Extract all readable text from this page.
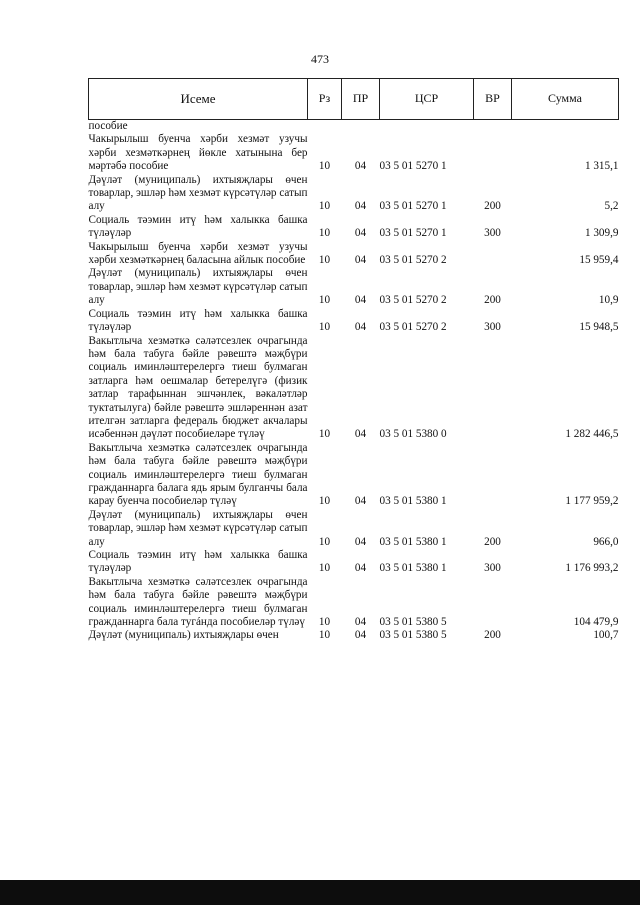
473
Исеме	Рз	ПР	ЦСР	ВР	Сумма
пособие					
Чакырылыш буенча хәрби хезмәт узучы хәрби хезмәткәрнең йөкле хатынына бер мәртәбә пособие	10	04	03 5 01 5270 1		1 315,1
Дәүләт (муниципаль) ихтыяҗлары өчен товарлар, эшләр һәм хезмәт күрсәтүләр сатып алу	10	04	03 5 01 5270 1	200	5,2
Социаль тәэмин итү һәм халыкка башка түләүләр	10	04	03 5 01 5270 1	300	1 309,9
Чакырылыш буенча хәрби хезмәт узучы хәрби хезмәткәрнең баласына айлык пособие	10	04	03 5 01 5270 2		15 959,4
Дәүләт (муниципаль) ихтыяҗлары өчен товарлар, эшләр һәм хезмәт күрсәтүләр сатып алу	10	04	03 5 01 5270 2	200	10,9
Социаль тәэмин итү һәм халыкка башка түләүләр	10	04	03 5 01 5270 2	300	15 948,5
Вакытлыча хезмәткә сәләтсезлек очрагында һәм бала табуга бәйле рәвештә мәҗбүри социаль иминләштерелергә тиеш булмаган затларга һәм оешмалар бетерелүгә (физик затлар тарафыннан эшчәнлек, вәкаләтләр туктатылуга) бәйле рәвештә эшләреннән азат ителгән затларга федераль бюджет акчалары исәбеннән дәүләт пособиеләре түләү	10	04	03 5 01 5380 0		1 282 446,5
Вакытлыча хезмәткә сәләтсезлек очрагында һәм бала табуга бәйле рәвештә мәҗбүри социаль иминләштерелергә тиеш булмаган гражданнарга балага ядь ярым булганчы бала карау буенча пособиеләр түләү	10	04	03 5 01 5380 1		1 177 959,2
Дәүләт (муниципаль) ихтыяҗлары өчен товарлар, эшләр һәм хезмәт күрсәтүләр сатып алу	10	04	03 5 01 5380 1	200	966,0
Социаль тәэмин итү һәм халыкка башка түләүләр	10	04	03 5 01 5380 1	300	1 176 993,2
Вакытлыча хезмәткә сәләтсезлек очрагында һәм бала табуга бәйле рәвештә мәҗбүри социаль иминләштерелергә тиеш булмаган гражданнарга бала тугáнда пособиеләр түләү	10	04	03 5 01 5380 5		104 479,9
Дәүләт (муниципаль) ихтыяҗлары өчен	10	04	03 5 01 5380 5	200	100,7
